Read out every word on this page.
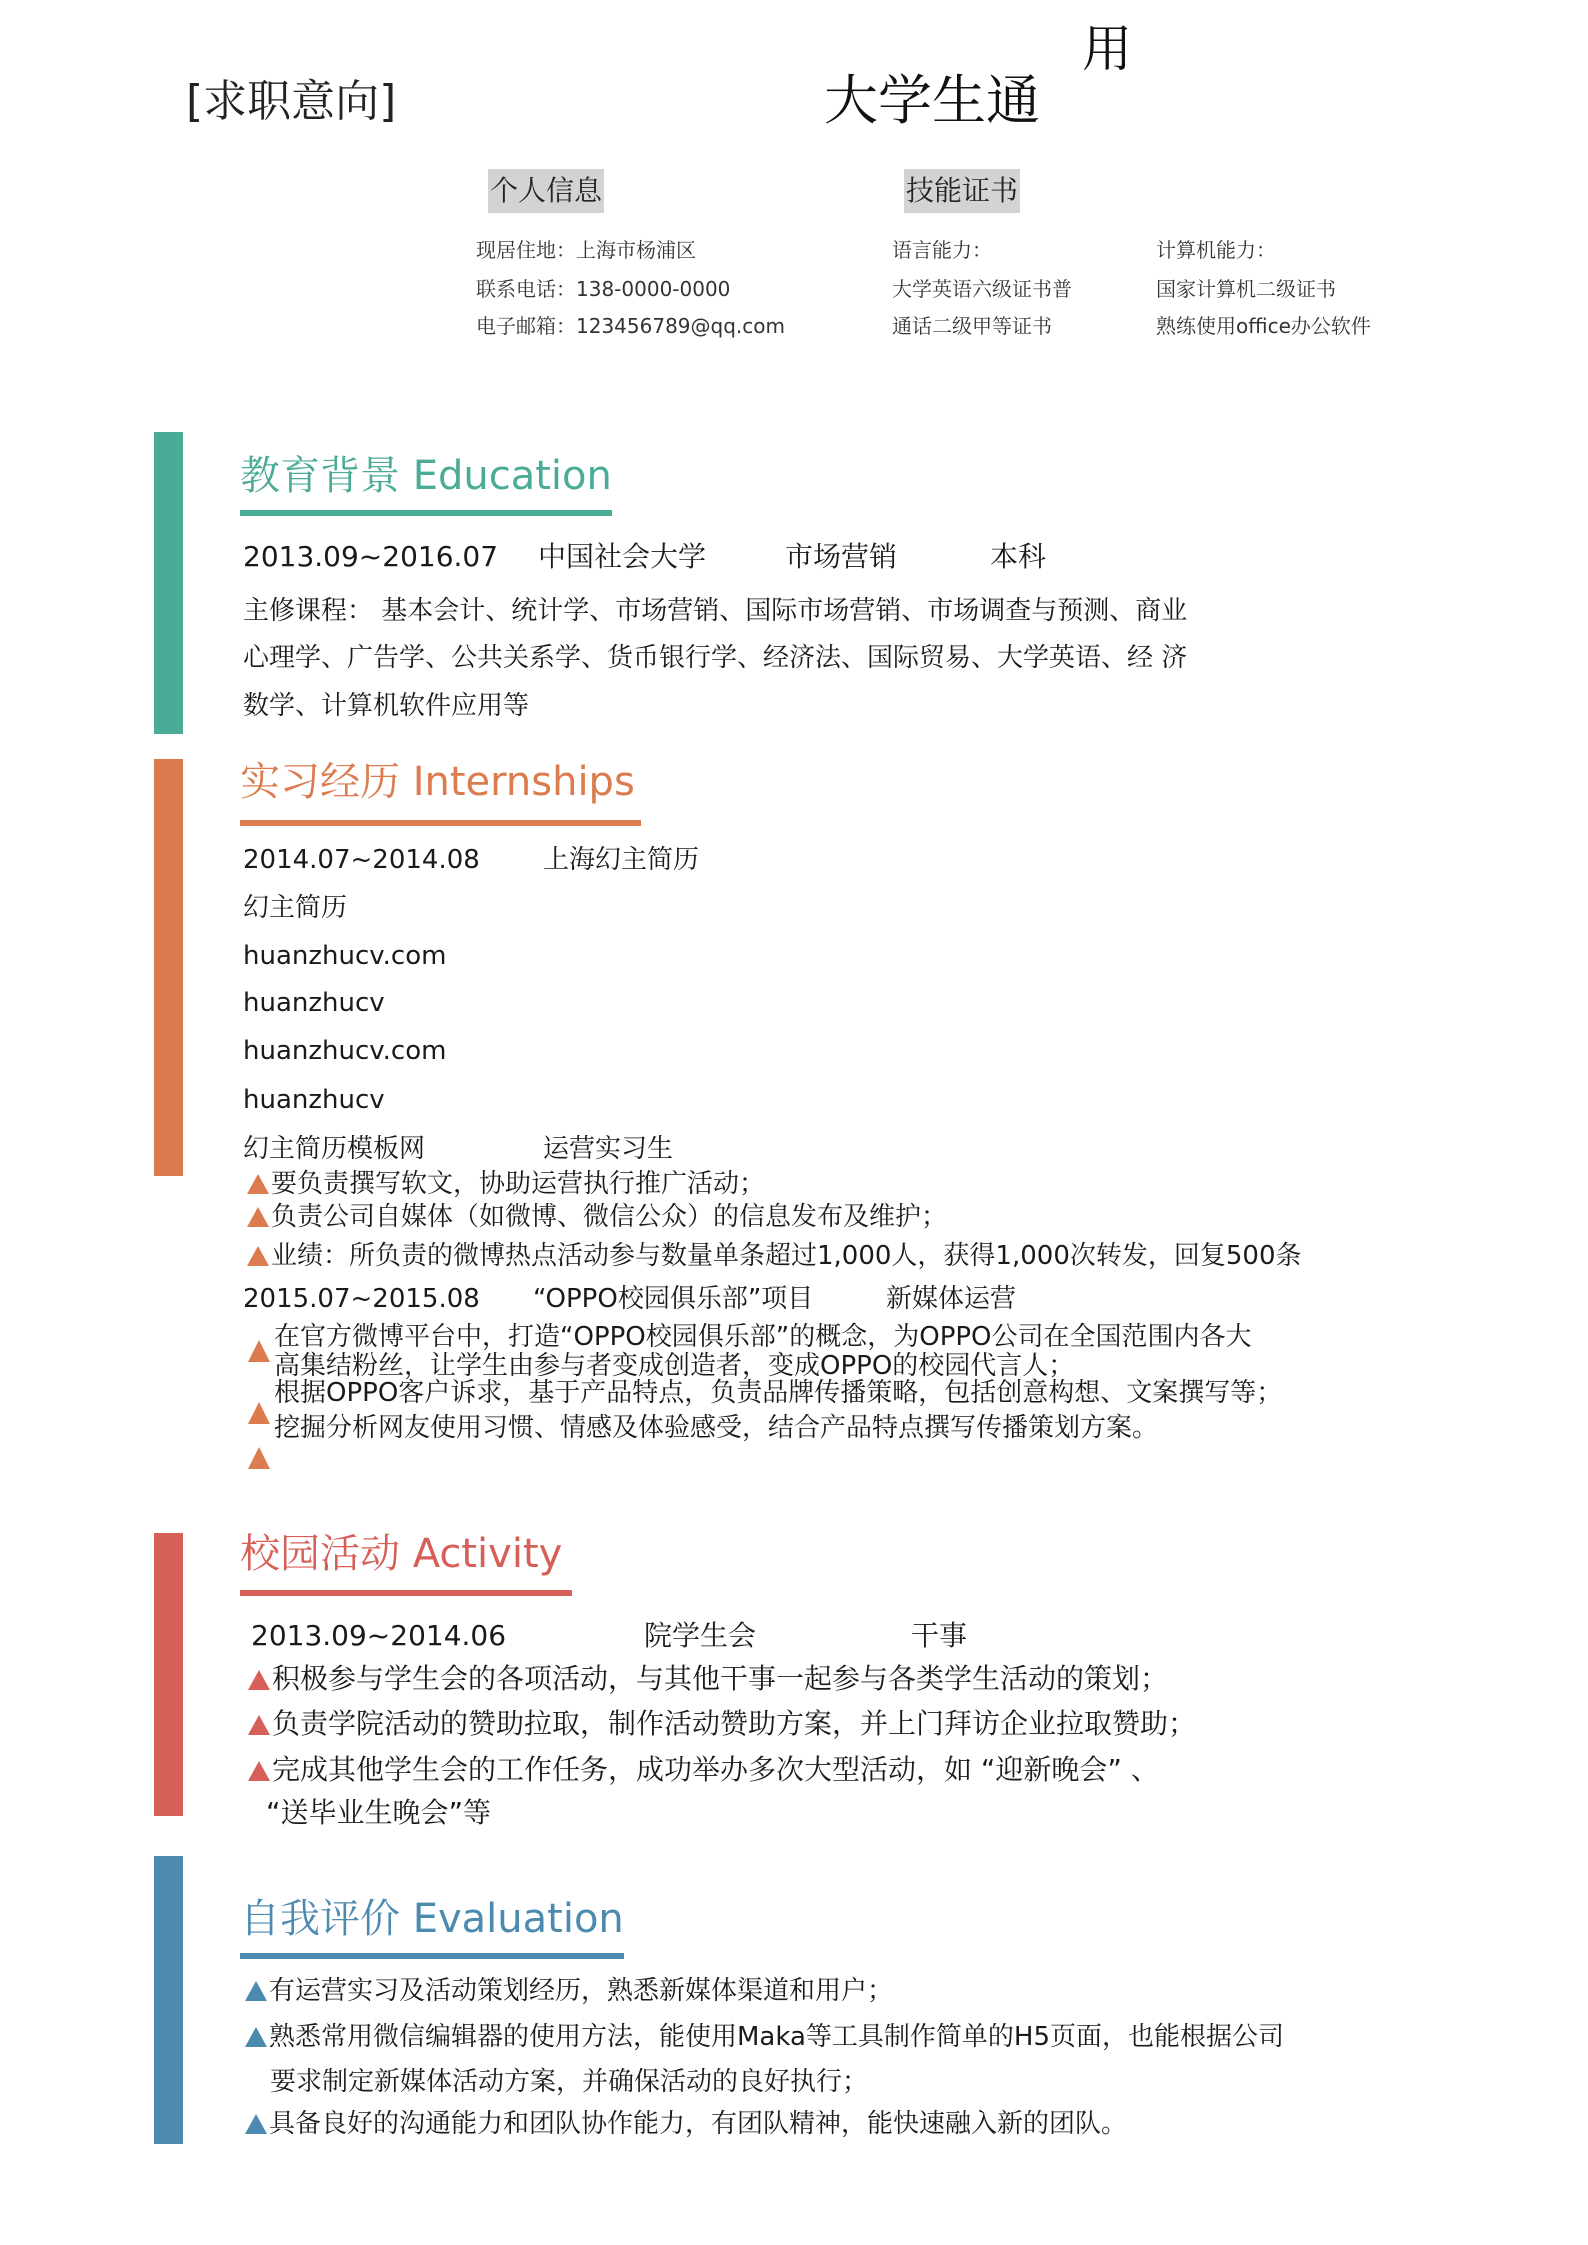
[求职意向]	大学生通
用
个人信息
现居住地：上海市杨浦区
联系电话：138-0000-0000
电子邮箱：123456789@qq.com
技能证书
语言能力：
大学英语六级证书普
通话二级甲等证书
计算机能力：
国家计算机二级证书
熟练使用office办公软件
教育背景 Education
2013.09~2016.07 中国社会大学	市场营销	本科
主修课程： 基本会计、统计学、市场营销、国际市场营销、市场调查与预测、商业
心理学、广告学、公共关系学、货币银行学、经济法、国际贸易、大学英语、经 济
数学、计算机软件应用等
实习经历 Internships
2014.07~2014.08 上海幻主简历
幻主简历
huanzhucv.com
huanzhucv
huanzhucv.com
huanzhucv
幻主简历模板网	运营实习生
要负责撰写软文，协助运营执行推广活动；
负责公司自媒体（如微博、微信公众）的信息发布及维护；
业绩：所负责的微博热点活动参与数量单条超过1,000人，获得1,000次转发，回复500条
2015.07~2015.08 “OPPO校园俱乐部”项目	新媒体运营
在官方微博平台中，打造“OPPO校园俱乐部”的概念，为OPPO公司在全国范围内各大
高集结粉丝，让学生由参与者变成创造者，变成OPPO的校园代言人；
根据OPPO客户诉求，基于产品特点，负责品牌传播策略，包括创意构想、文案撰写等；
挖掘分析网友使用习惯、情感及体验感受，结合产品特点撰写传播策划方案。
校园活动 Activity
2013.09~2014.06	院学生会	干事
积极参与学生会的各项活动，与其他干事一起参与各类学生活动的策划；
负责学院活动的赞助拉取，制作活动赞助方案，并上门拜访企业拉取赞助；
完成其他学生会的工作任务，成功举办多次大型活动，如 “迎新晚会” 、
“送毕业生晚会”等
自我评价 Evaluation
有运营实习及活动策划经历，熟悉新媒体渠道和用户；
熟悉常用微信编辑器的使用方法，能使用Maka等工具制作简单的H5页面，也能根据公司
要求制定新媒体活动方案，并确保活动的良好执行；
具备良好的沟通能力和团队协作能力，有团队精神，能快速融入新的团队。
